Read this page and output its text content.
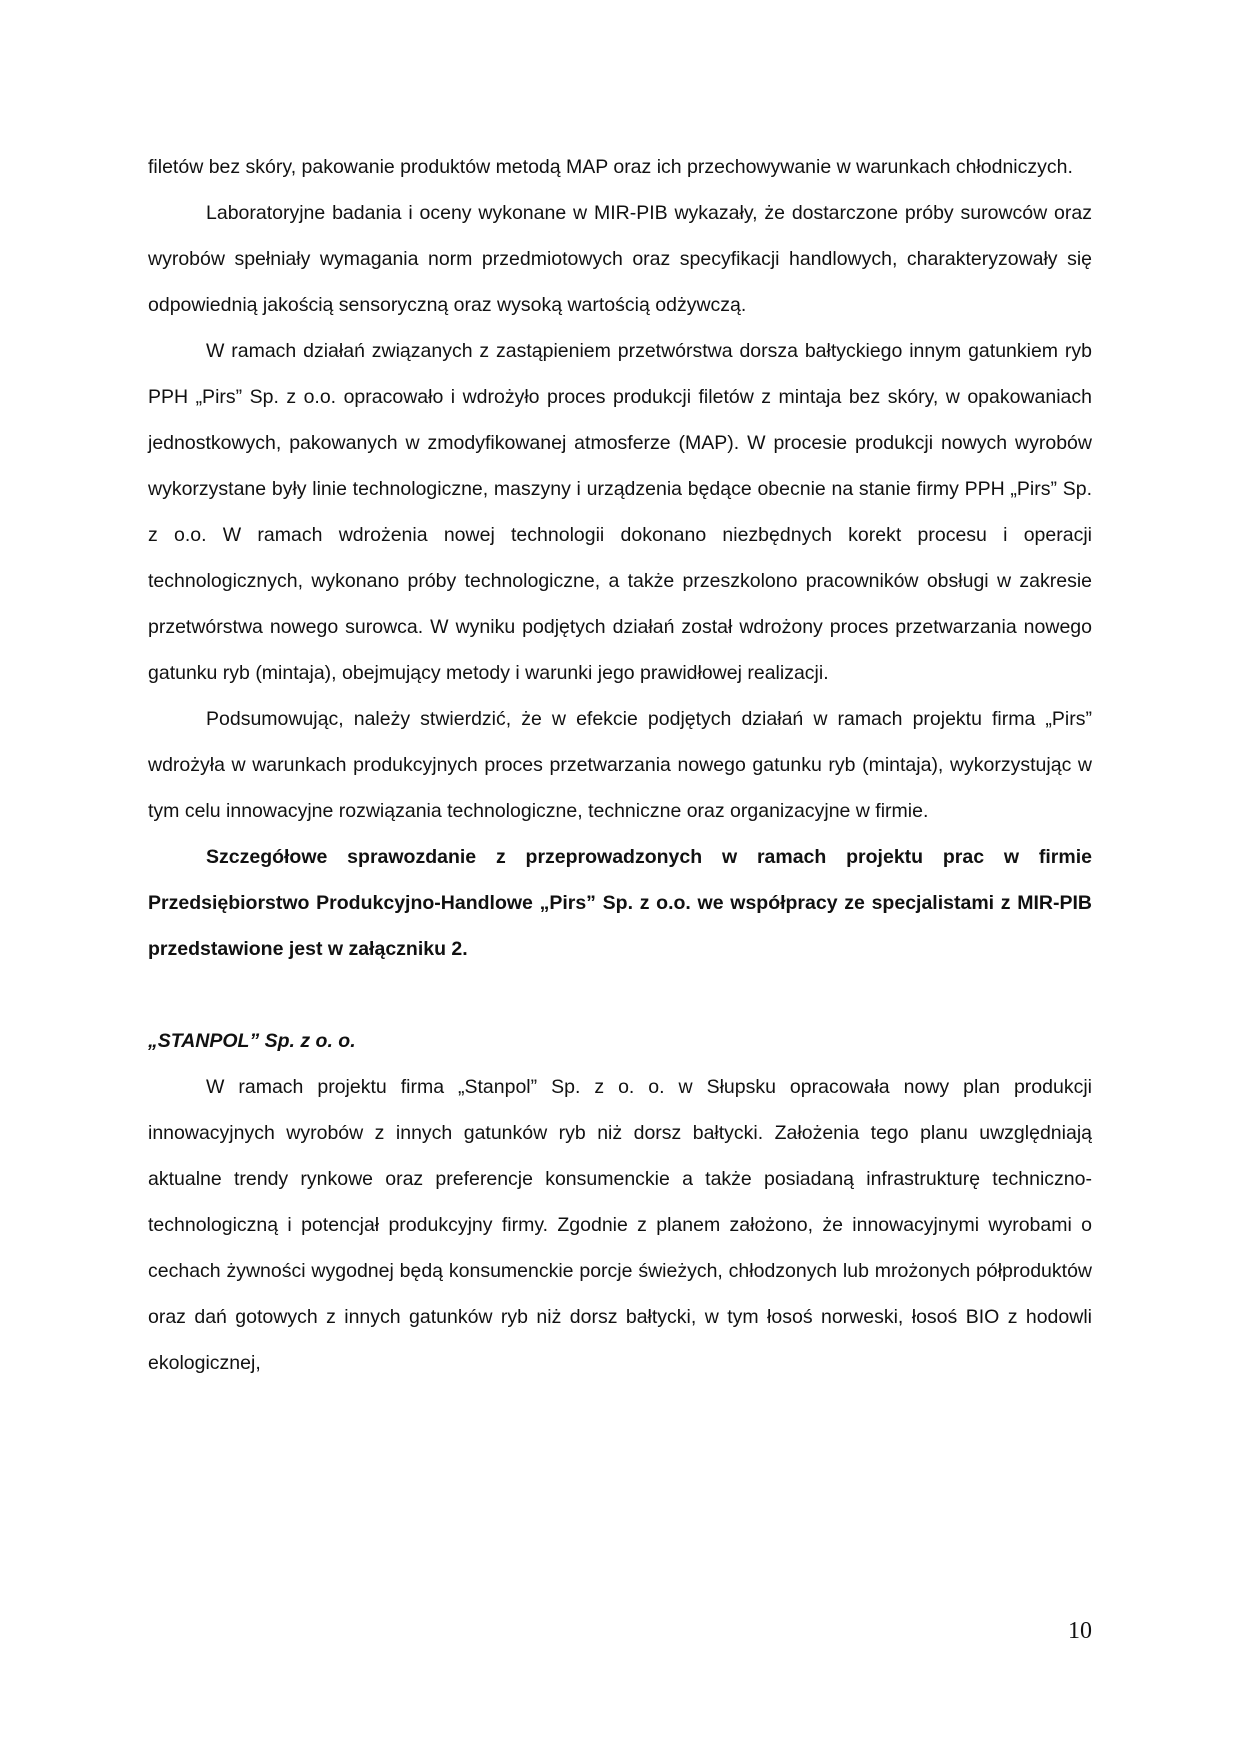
filetów bez skóry, pakowanie produktów metodą MAP oraz ich przechowywanie w warunkach chłodniczych.

Laboratoryjne badania i oceny wykonane w MIR-PIB wykazały, że dostarczone próby surowców oraz wyrobów spełniały wymagania norm przedmiotowych oraz specyfikacji handlowych, charakteryzowały się odpowiednią jakością sensoryczną oraz wysoką wartością odżywczą.

W ramach działań związanych z zastąpieniem przetwórstwa dorsza bałtyckiego innym gatunkiem ryb PPH „Pirs” Sp. z o.o. opracowało i wdrożyło proces produkcji filetów z mintaja bez skóry, w opakowaniach jednostkowych, pakowanych w zmodyfikowanej atmosferze (MAP). W procesie produkcji nowych wyrobów wykorzystane były linie technologiczne, maszyny i urządzenia będące obecnie na stanie firmy PPH „Pirs” Sp. z o.o. W ramach wdrożenia nowej technologii dokonano niezbędnych korekt procesu i operacji technologicznych, wykonano próby technologiczne, a także przeszkolono pracowników obsługi w zakresie przetwórstwa nowego surowca. W wyniku podjętych działań został wdrożony proces przetwarzania nowego gatunku ryb (mintaja), obejmujący metody i warunki jego prawidłowej realizacji.

Podsumowując, należy stwierdzić, że w efekcie podjętych działań w ramach projektu firma „Pirs” wdrożyła w warunkach produkcyjnych proces przetwarzania nowego gatunku ryb (mintaja), wykorzystując w tym celu innowacyjne rozwiązania technologiczne, techniczne oraz organizacyjne w firmie.

Szczegółowe sprawozdanie z przeprowadzonych w ramach projektu prac w firmie Przedsiębiorstwo Produkcyjno-Handlowe „Pirs” Sp. z o.o. we współpracy ze specjalistami z MIR-PIB przedstawione jest w załączniku 2.

„STANPOL” Sp. z o. o.

W ramach projektu firma „Stanpol” Sp. z o. o. w Słupsku opracowała nowy plan produkcji innowacyjnych wyrobów z innych gatunków ryb niż dorsz bałtycki. Założenia tego planu uwzględniają aktualne trendy rynkowe oraz preferencje konsumenckie a także posiadaną infrastrukturę techniczno-technologiczną i potencjał produkcyjny firmy. Zgodnie z planem założono, że innowacyjnymi wyrobami o cechach żywności wygodnej będą konsumenckie porcje świeżych, chłodzonych lub mrożonych półproduktów oraz dań gotowych z innych gatunków ryb niż dorsz bałtycki, w tym łosoś norweski, łosoś BIO z hodowli ekologicznej,

10
